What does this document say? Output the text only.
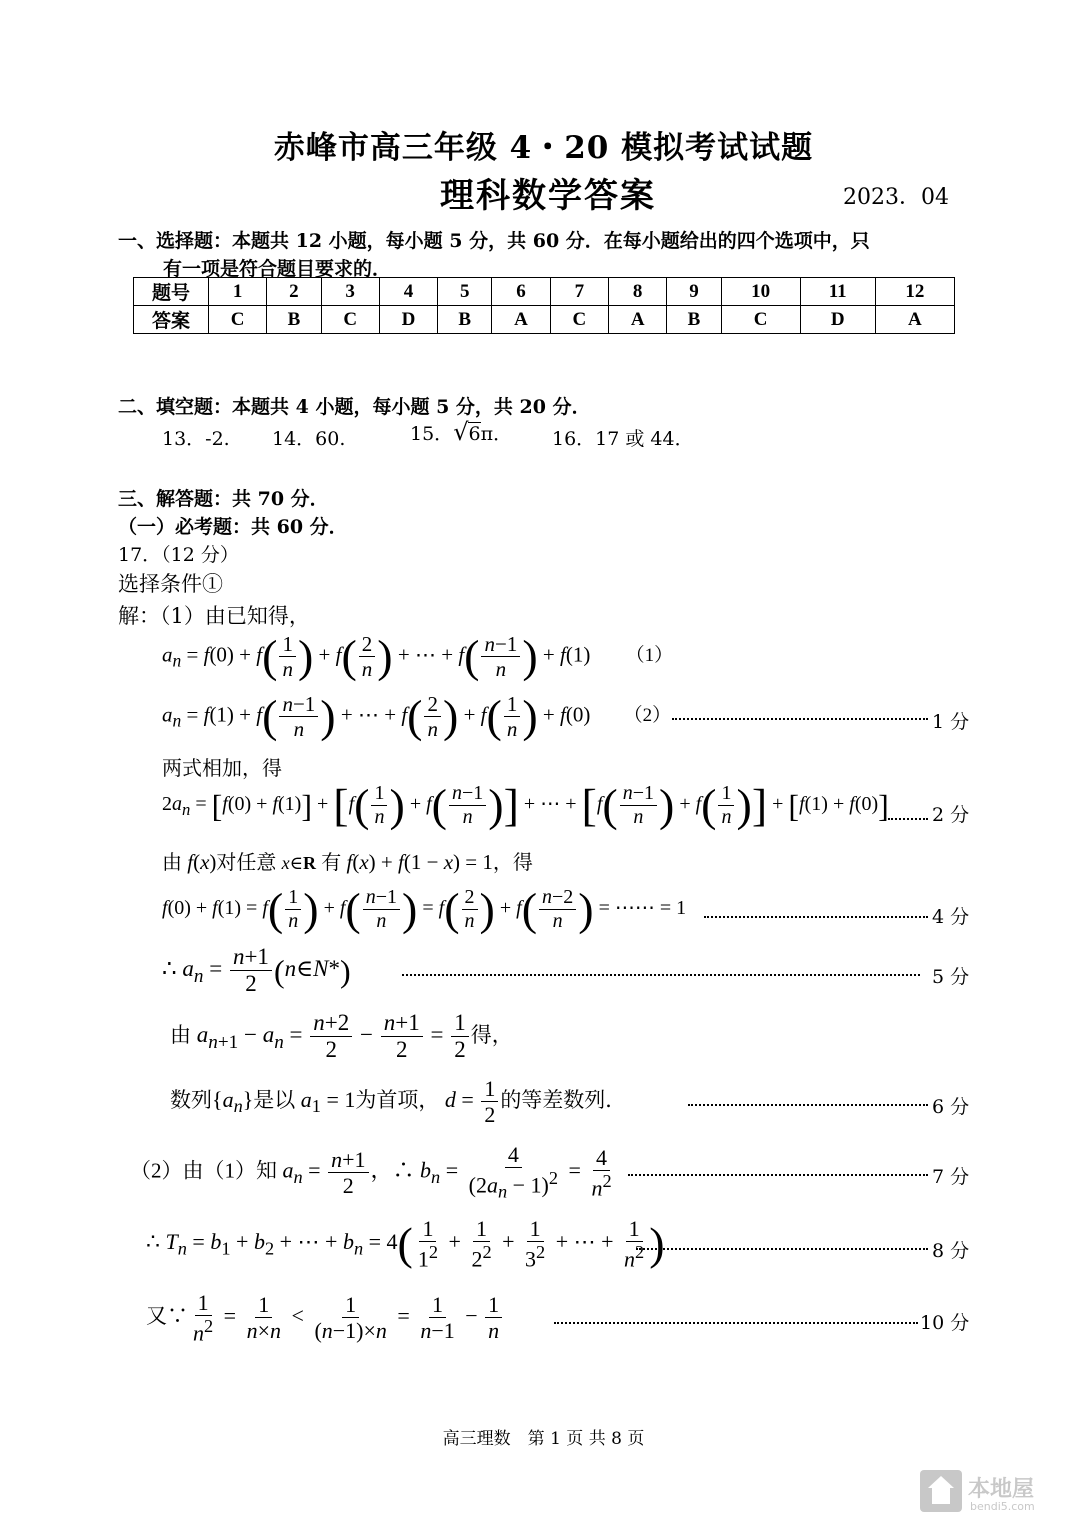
赤峰市高三年级 4・20 模拟考试试题
理科数学答案	2023．04
一、选择题：本题共 12 小题，每小题 5 分，共 60 分．在每小题给出的四个选项中，只
有一项是符合题目要求的．
题号	1	2	3	4	5	6	7	8	9	10	11	12
答案	C	B	C	D	B	A	C	A	B	C	D	A
二、填空题：本题共 4 小题，每小题 5 分，共 20 分．
13．-2. 14．60.	15．√6π． 16．17 或 44．
三、解答题：共 70 分．
（一）必考题：共 60 分．
17．（12 分）
选择条件①
解：（1）由已知得，
$a_n = f(0) + f( \frac{1}{n}$ ) + $f( \frac{2}{n}$ ) + ⋯ + $f( \frac{n-1}{n}$ ) + f(1) （1）
$a_n = f(1) + f( \frac{n-1}{n}$ ) + ⋯ + $f( \frac{2}{n}$ ) + $f( \frac{1}{n}$ ) + f(0) （2）	1 分
两式相加，得
$2a_n = [f(0) + f(1)] + [f( \frac{1}{n}$ ) + $f( \frac{n-1}{n}$ )] + ⋯ + [$f( \frac{n-1}{n}$ ) + $f( \frac{1}{n}$ )] + [f(1) + f(0)] 2 分
由 f(x)对任意 x∈R 有 f(x) + f(1 − x) = 1，得
$f(0) + f(1) = f( \frac{1}{n}$ ) + $f( \frac{n-1}{n}$ ) = $f( \frac{2}{n}$ ) + $f( \frac{n-2}{n}$ ) = ⋯⋯ = 1	4 分
∴ $a_n = \frac{n+1}{2}$ (n∈N*)	5 分
由 $a_{n+1} - a_n = \frac{n+2}{2} - \frac{n+1}{2} = \frac{1}{2}$ 得，
数列$\{a_n\}$是以 $a_1 = 1$为首项， $d = \frac{1}{2}$ 的等差数列．	6 分
（2）由（1）知 $a_n = \frac{n+1}{2}$ ，∴ $b_n = \frac{4}{(2a_n - 1)^2} = \frac{4}{n^2}$	7 分
∴ $T_n = b_1 + b_2$ + ⋯ + $b_n = 4( \frac{1}{1^2} + \frac{1}{2^2} + \frac{1}{3^2}$ + ⋯ + $\frac{1}{n^2}$ )	8 分
又∵ $\frac{1}{n^2} = \frac{1}{n\times n} < \frac{1}{(n-1)\times n} = \frac{1}{n-1} - \frac{1}{n}$	10 分
高三理数　第 1 页 共 8 页
本地屋
bendi5.com
